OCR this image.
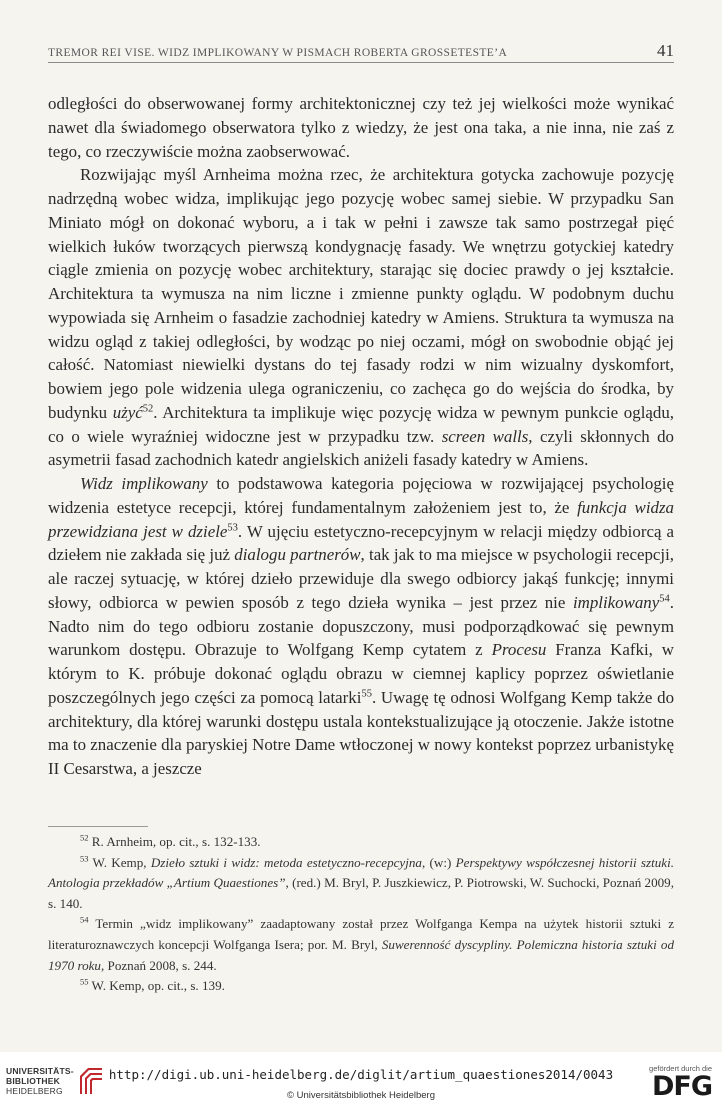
TREMOR REI VISE. WIDZ IMPLIKOWANY W PISMACH ROBERTA GROSSETESTE’A	41

odległości do obserwowanej formy architektonicznej czy też jej wielkości może wynikać nawet dla świadomego obserwatora tylko z wiedzy, że jest ona taka, a nie inna, nie zaś z tego, co rzeczywiście można zaobserwować.

Rozwijając myśl Arnheima można rzec, że architektura gotycka zachowuje pozycję nadrzędną wobec widza, implikując jego pozycję wobec samej siebie. W przypadku San Miniato mógł on dokonać wyboru, a i tak w pełni i zawsze tak samo postrzegał pięć wielkich łuków tworzących pierwszą kondygnację fasady. We wnętrzu gotyckiej katedry ciągle zmienia on pozycję wobec architektury, starając się dociec prawdy o jej kształcie. Architektura ta wymusza na nim liczne i zmienne punkty oglądu. W podobnym duchu wypowiada się Arnheim o fasadzie zachodniej katedry w Amiens. Struktura ta wymusza na widzu ogląd z takiej odległości, by wodząc po niej oczami, mógł on swobodnie objąć jej całość. Natomiast niewielki dystans do tej fasady rodzi w nim wizualny dyskomfort, bowiem jego pole widzenia ulega ograniczeniu, co zachęca go do wejścia do środka, by budynku użyć$^{52}$. Architektura ta implikuje więc pozycję widza w pewnym punkcie oglądu, co o wiele wyraźniej widoczne jest w przypadku tzw. screen walls, czyli skłonnych do asymetrii fasad zachodnich katedr angielskich aniżeli fasady katedry w Amiens.

Widz implikowany to podstawowa kategoria pojęciowa w rozwijającej psychologię widzenia estetyce recepcji, której fundamentalnym założeniem jest to, że funkcja widza przewidziana jest w dziele$^{53}$. W ujęciu estetyczno-recepcyjnym w relacji między odbiorcą a dziełem nie zakłada się już dialogu partnerów, tak jak to ma miejsce w psychologii recepcji, ale raczej sytuację, w której dzieło przewiduje dla swego odbiorcy jakąś funkcję; innymi słowy, odbiorca w pewien sposób z tego dzieła wynika – jest przez nie implikowany$^{54}$. Nadto nim do tego odbioru zostanie dopuszczony, musi podporządkować się pewnym warunkom dostępu. Obrazuje to Wolfgang Kemp cytatem z Procesu Franza Kafki, w którym to K. próbuje dokonać oglądu obrazu w ciemnej kaplicy poprzez oświetlanie poszczególnych jego części za pomocą latarki$^{55}$. Uwagę tę odnosi Wolfgang Kemp także do architektury, dla której warunki dostępu ustala kontekstualizujące ją otoczenie. Jakże istotne ma to znaczenie dla paryskiej Notre Dame wtłoczonej w nowy kontekst poprzez urbanistykę II Cesarstwa, a jeszcze

$^{52}$ R. Arnheim, op. cit., s. 132-133.

$^{53}$ W. Kemp, Dzieło sztuki i widz: metoda estetyczno-recepcyjna, (w:) Perspektywy współczesnej historii sztuki. Antologia przekładów „Artium Quaestiones”, (red.) M. Bryl, P. Juszkiewicz, P. Piotrowski, W. Suchocki, Poznań 2009, s. 140.

$^{54}$ Termin „widz implikowany” zaadaptowany został przez Wolfganga Kempa na użytek historii sztuki z literaturoznawczych koncepcji Wolfganga Isera; por. M. Bryl, Suwerenność dyscypliny. Polemiczna historia sztuki od 1970 roku, Poznań 2008, s. 244.

$^{55}$ W. Kemp, op. cit., s. 139.

UNIVERSITÄTS-
BIBLIOTHEK
HEIDELBERG
http://digi.ub.uni-heidelberg.de/diglit/artium_quaestiones2014/0043
© Universitätsbibliothek Heidelberg
gefördert durch die
DFG
